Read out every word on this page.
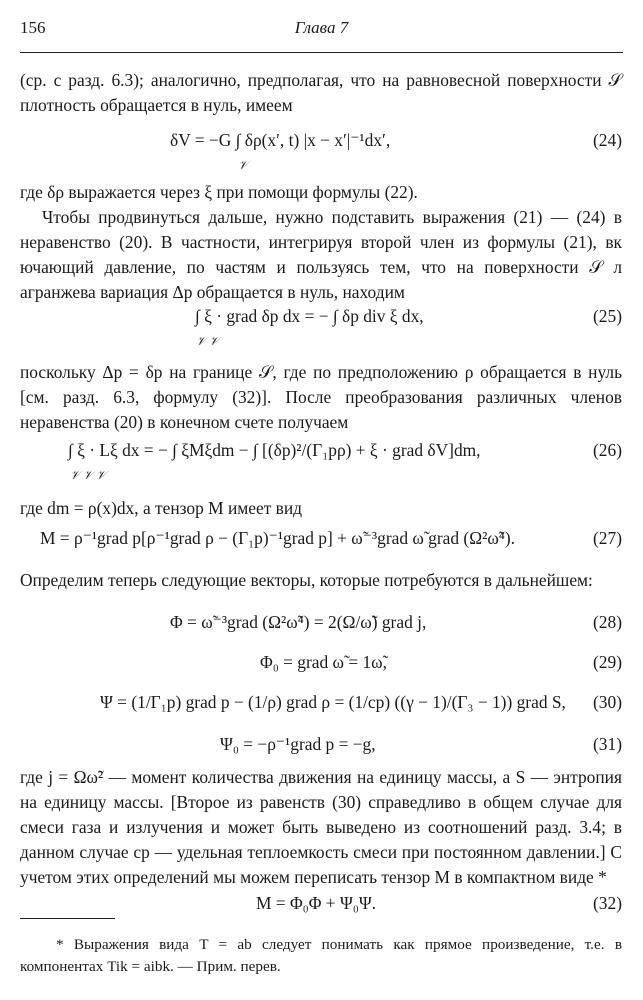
156	Глава 7

(ср. с разд. 6.3); аналогично, предполагая, что на равновесной поверхности 𝒮 плотность обращается в нуль, имеем

δV = −G ∫ δρ(x′, t) |x − x′|⁻¹dx′,
𝒱
(24)

где δρ выражается через ξ при помощи формулы (22).

Чтобы продвинуться дальше, нужно подставить выражения (21) — (24) в неравенство (20). В частности, интегрируя второй член из формулы (21), вк ючающий давление, по частям и пользуясь тем, что на поверхности 𝒮 л агранжева вариация Δp обращается в нуль, находим

∫ ξ · grad δp dx = − ∫ δp div ξ dx,
𝒱 𝒱
(25)

поскольку Δp = δp на границе 𝒮, где по предположению ρ обращается в нуль [см. разд. 6.3, формулу (32)]. После преобразования различных членов неравенства (20) в конечном счете получаем

∫ ξ · Lξ dx = − ∫ ξMξdm − ∫ [(δp)²/(Γ₁pρ) + ξ · grad δV]dm,
𝒱 𝒱 𝒱
(26)

где dm = ρ(x)dx, а тензор M имеет вид

M = ρ⁻¹grad p[ρ⁻¹grad ρ − (Γ₁p)⁻¹grad p] + ω̃⁻³grad ω̃ grad (Ω²ω̃⁴).	(27)

Определим теперь следующие векторы, которые потребуются в дальнейшем:

Φ = ω̃⁻³grad (Ω²ω̃⁴) = 2(Ω/ω̃) grad j,	(28)
Φ₀ = grad ω̃ = 1ω̃,	(29)
Ψ = (1/Γ₁p) grad p − (1/ρ) grad ρ = (1/cp) ((γ − 1)/(Γ₃ − 1)) grad S, (30)
Ψ₀ = −ρ⁻¹grad p = −g,	(31)

где j = Ωω̃² — момент количества движения на единицу массы, а S — энтропия на единицу массы. [Второе из равенств (30) справедливо в общем случае для смеси газа и излучения и может быть выведено из соотношений разд. 3.4; в данном случае cp — удельная теплоемкость смеси при постоянном давлении.] С учетом этих определений мы можем переписать тензор M в компактном виде *

M = Φ₀Φ + Ψ₀Ψ.	(32)

* Выражения вида T = ab следует понимать как прямое произведение, т.е. в компонентах Tik = aibk. — Прим. перев.
